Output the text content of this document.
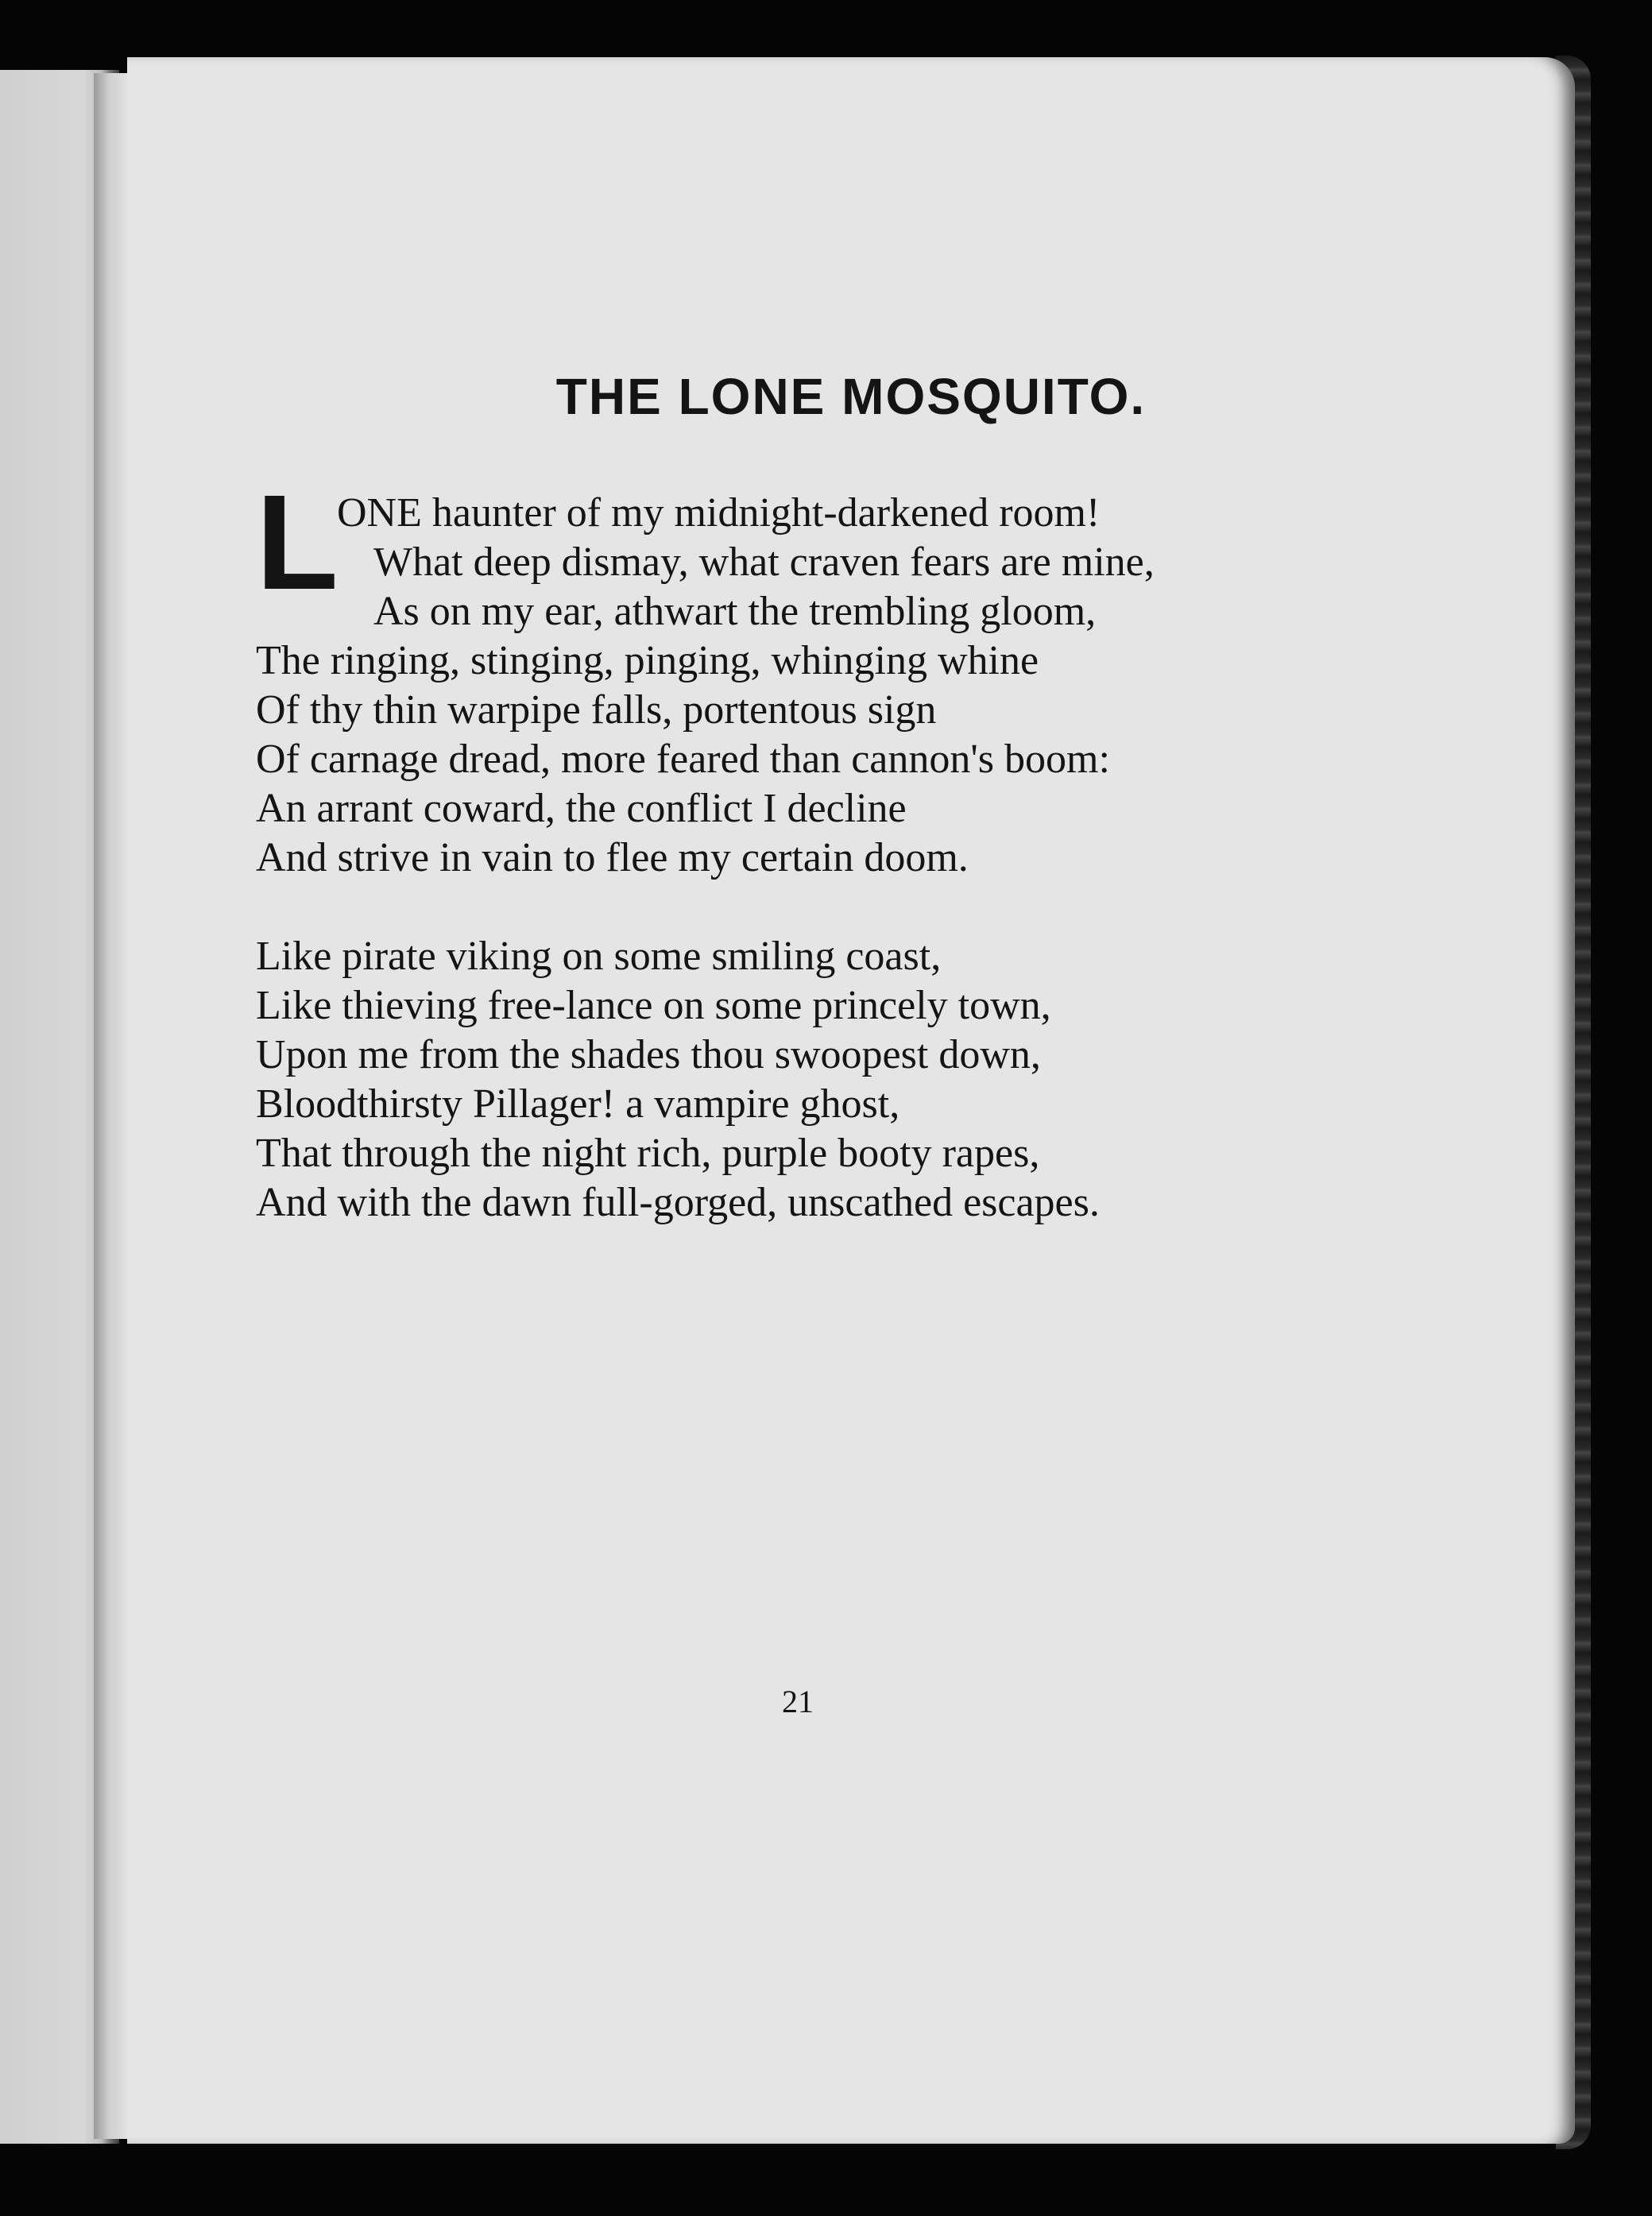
THE LONE MOSQUITO.
L
ONE haunter of my midnight-darkened room!
What deep dismay, what craven fears are mine,
As on my ear, athwart the trembling gloom,
The ringing, stinging, pinging, whinging whine
Of thy thin warpipe falls, portentous sign
Of carnage dread, more feared than cannon's boom:
An arrant coward, the conflict I decline
And strive in vain to flee my certain doom.
Like pirate viking on some smiling coast,
Like thieving free-lance on some princely town,
Upon me from the shades thou swoopest down,
Bloodthirsty Pillager! a vampire ghost,
That through the night rich, purple booty rapes,
And with the dawn full-gorged, unscathed escapes.
21
